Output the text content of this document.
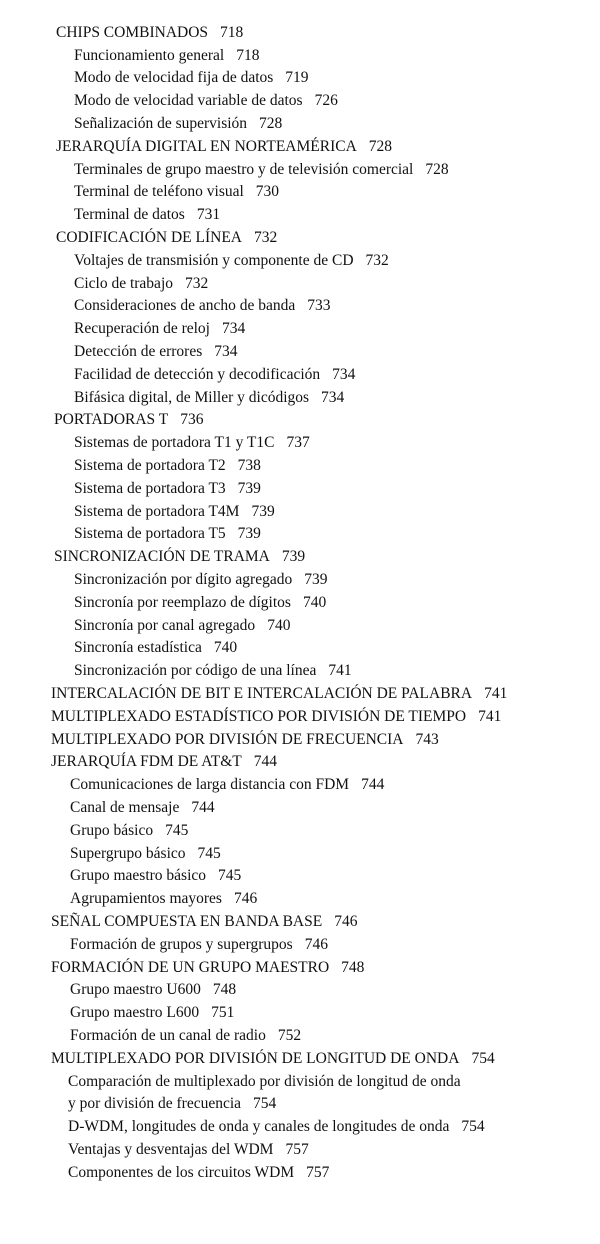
CHIPS COMBINADOS 718
Funcionamiento general 718
Modo de velocidad fija de datos 719
Modo de velocidad variable de datos 726
Señalización de supervisión 728
JERARQUÍA DIGITAL EN NORTEAMÉRICA 728
Terminales de grupo maestro y de televisión comercial 728
Terminal de teléfono visual 730
Terminal de datos 731
CODIFICACIÓN DE LÍNEA 732
Voltajes de transmisión y componente de CD 732
Ciclo de trabajo 732
Consideraciones de ancho de banda 733
Recuperación de reloj 734
Detección de errores 734
Facilidad de detección y decodificación 734
Bifásica digital, de Miller y dicódigos 734
PORTADORAS T 736
Sistemas de portadora T1 y T1C 737
Sistema de portadora T2 738
Sistema de portadora T3 739
Sistema de portadora T4M 739
Sistema de portadora T5 739
SINCRONIZACIÓN DE TRAMA 739
Sincronización por dígito agregado 739
Sincronía por reemplazo de dígitos 740
Sincronía por canal agregado 740
Sincronía estadística 740
Sincronización por código de una línea 741
INTERCALACIÓN DE BIT E INTERCALACIÓN DE PALABRA 741
MULTIPLEXADO ESTADÍSTICO POR DIVISIÓN DE TIEMPO 741
MULTIPLEXADO POR DIVISIÓN DE FRECUENCIA 743
JERARQUÍA FDM DE AT&T 744
Comunicaciones de larga distancia con FDM 744
Canal de mensaje 744
Grupo básico 745
Supergrupo básico 745
Grupo maestro básico 745
Agrupamientos mayores 746
SEÑAL COMPUESTA EN BANDA BASE 746
Formación de grupos y supergrupos 746
FORMACIÓN DE UN GRUPO MAESTRO 748
Grupo maestro U600 748
Grupo maestro L600 751
Formación de un canal de radio 752
MULTIPLEXADO POR DIVISIÓN DE LONGITUD DE ONDA 754
Comparación de multiplexado por división de longitud de onda
y por división de frecuencia 754
D-WDM, longitudes de onda y canales de longitudes de onda 754
Ventajas y desventajas del WDM 757
Componentes de los circuitos WDM 757
